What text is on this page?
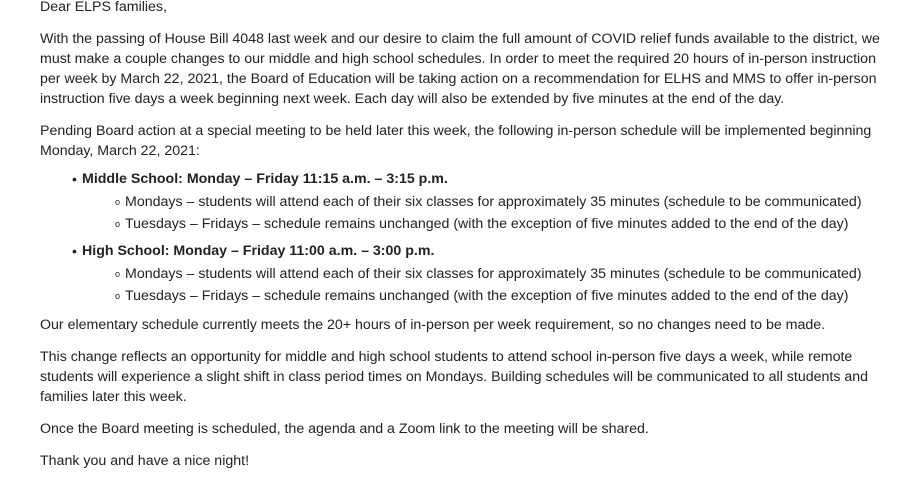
Dear ELPS families,

With the passing of House Bill 4048 last week and our desire to claim the full amount of COVID relief funds available to the district, we must make a couple changes to our middle and high school schedules. In order to meet the required 20 hours of in-person instruction per week by March 22, 2021, the Board of Education will be taking action on a recommendation for ELHS and MMS to offer in-person instruction five days a week beginning next week. Each day will also be extended by five minutes at the end of the day.

Pending Board action at a special meeting to be held later this week, the following in-person schedule will be implemented beginning Monday, March 22, 2021:

• Middle School: Monday – Friday 11:15 a.m. – 3:15 p.m.
o Mondays – students will attend each of their six classes for approximately 35 minutes (schedule to be communicated)
o Tuesdays – Fridays – schedule remains unchanged (with the exception of five minutes added to the end of the day)
• High School: Monday – Friday 11:00 a.m. – 3:00 p.m.
o Mondays – students will attend each of their six classes for approximately 35 minutes (schedule to be communicated)
o Tuesdays – Fridays – schedule remains unchanged (with the exception of five minutes added to the end of the day)

Our elementary schedule currently meets the 20+ hours of in-person per week requirement, so no changes need to be made.

This change reflects an opportunity for middle and high school students to attend school in-person five days a week, while remote students will experience a slight shift in class period times on Mondays. Building schedules will be communicated to all students and families later this week.

Once the Board meeting is scheduled, the agenda and a Zoom link to the meeting will be shared.

Thank you and have a nice night!
